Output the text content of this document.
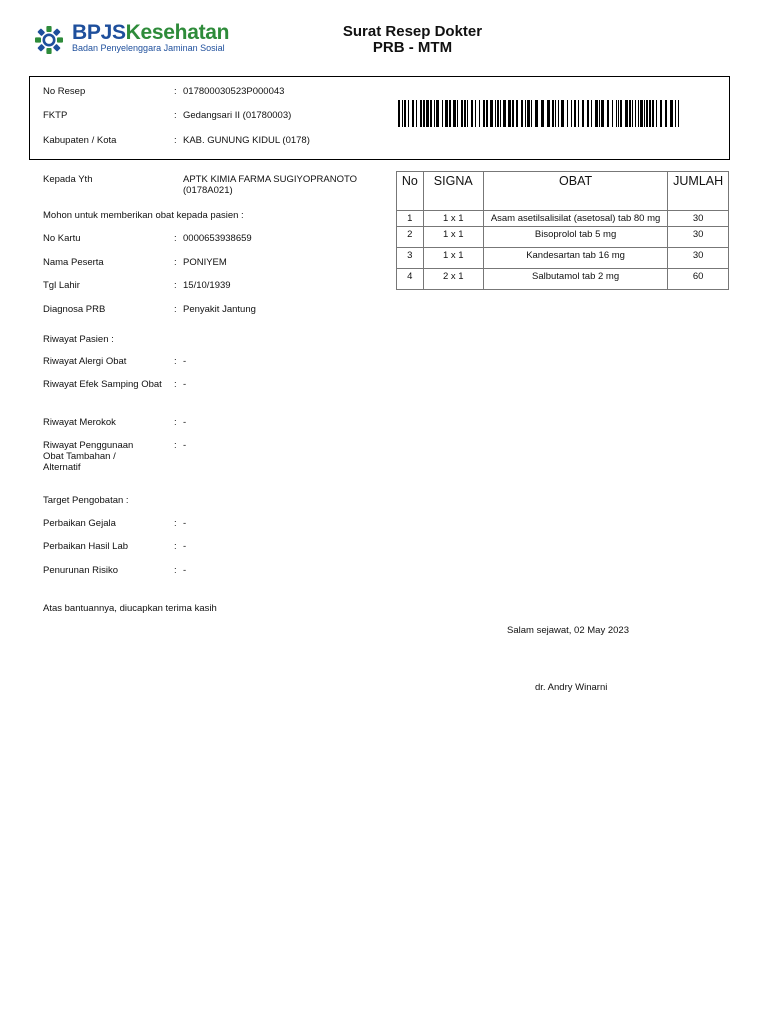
BPJSKesehatan
Badan Penyelenggara Jaminan Sosial
Surat Resep Dokter
PRB - MTM
No Resep	: 017800030523P000043
FKTP	: Gedangsari II (01780003)
Kabupaten / Kota	: KAB. GUNUNG KIDUL (0178)
Kepada Yth	APTK KIMIA FARMA SUGIYOPRANOTO
(0178A021)
Mohon untuk memberikan obat kepada pasien :
No Kartu	: 0000653938659
Nama Peserta	: PONIYEM
Tgl Lahir	: 15/10/1939
Diagnosa PRB	: Penyakit Jantung
Riwayat Pasien :
Riwayat Alergi Obat	: -
Riwayat Efek Samping Obat : -
Riwayat Merokok	: -
Riwayat Penggunaan Obat Tambahan / Alternatif
: -
Target Pengobatan :
Perbaikan Gejala	: -
Perbaikan Hasil Lab	: -
Penurunan Risiko	: -
Atas bantuannya, diucapkan terima kasih
Salam sejawat, 02 May 2023
dr. Andry Winarni
No	SIGNA	OBAT	JUMLAH
1	1 x 1	Asam asetilsalisilat (asetosal) tab 80 mg	30
2	1 x 1	Bisoprolol tab 5 mg	30
3	1 x 1	Kandesartan tab 16 mg	30
4	2 x 1	Salbutamol tab 2 mg	60
